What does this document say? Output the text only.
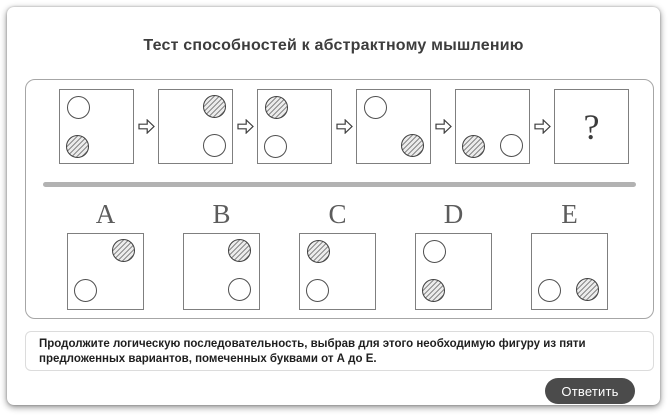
Тест способностей к абстрактному мышлению
?
A	B	C	D	E
Продолжите логическую последовательность, выбрав для этого необходимую фигуру из пяти предложенных вариантов, помеченных буквами от А до Е.
Ответить
